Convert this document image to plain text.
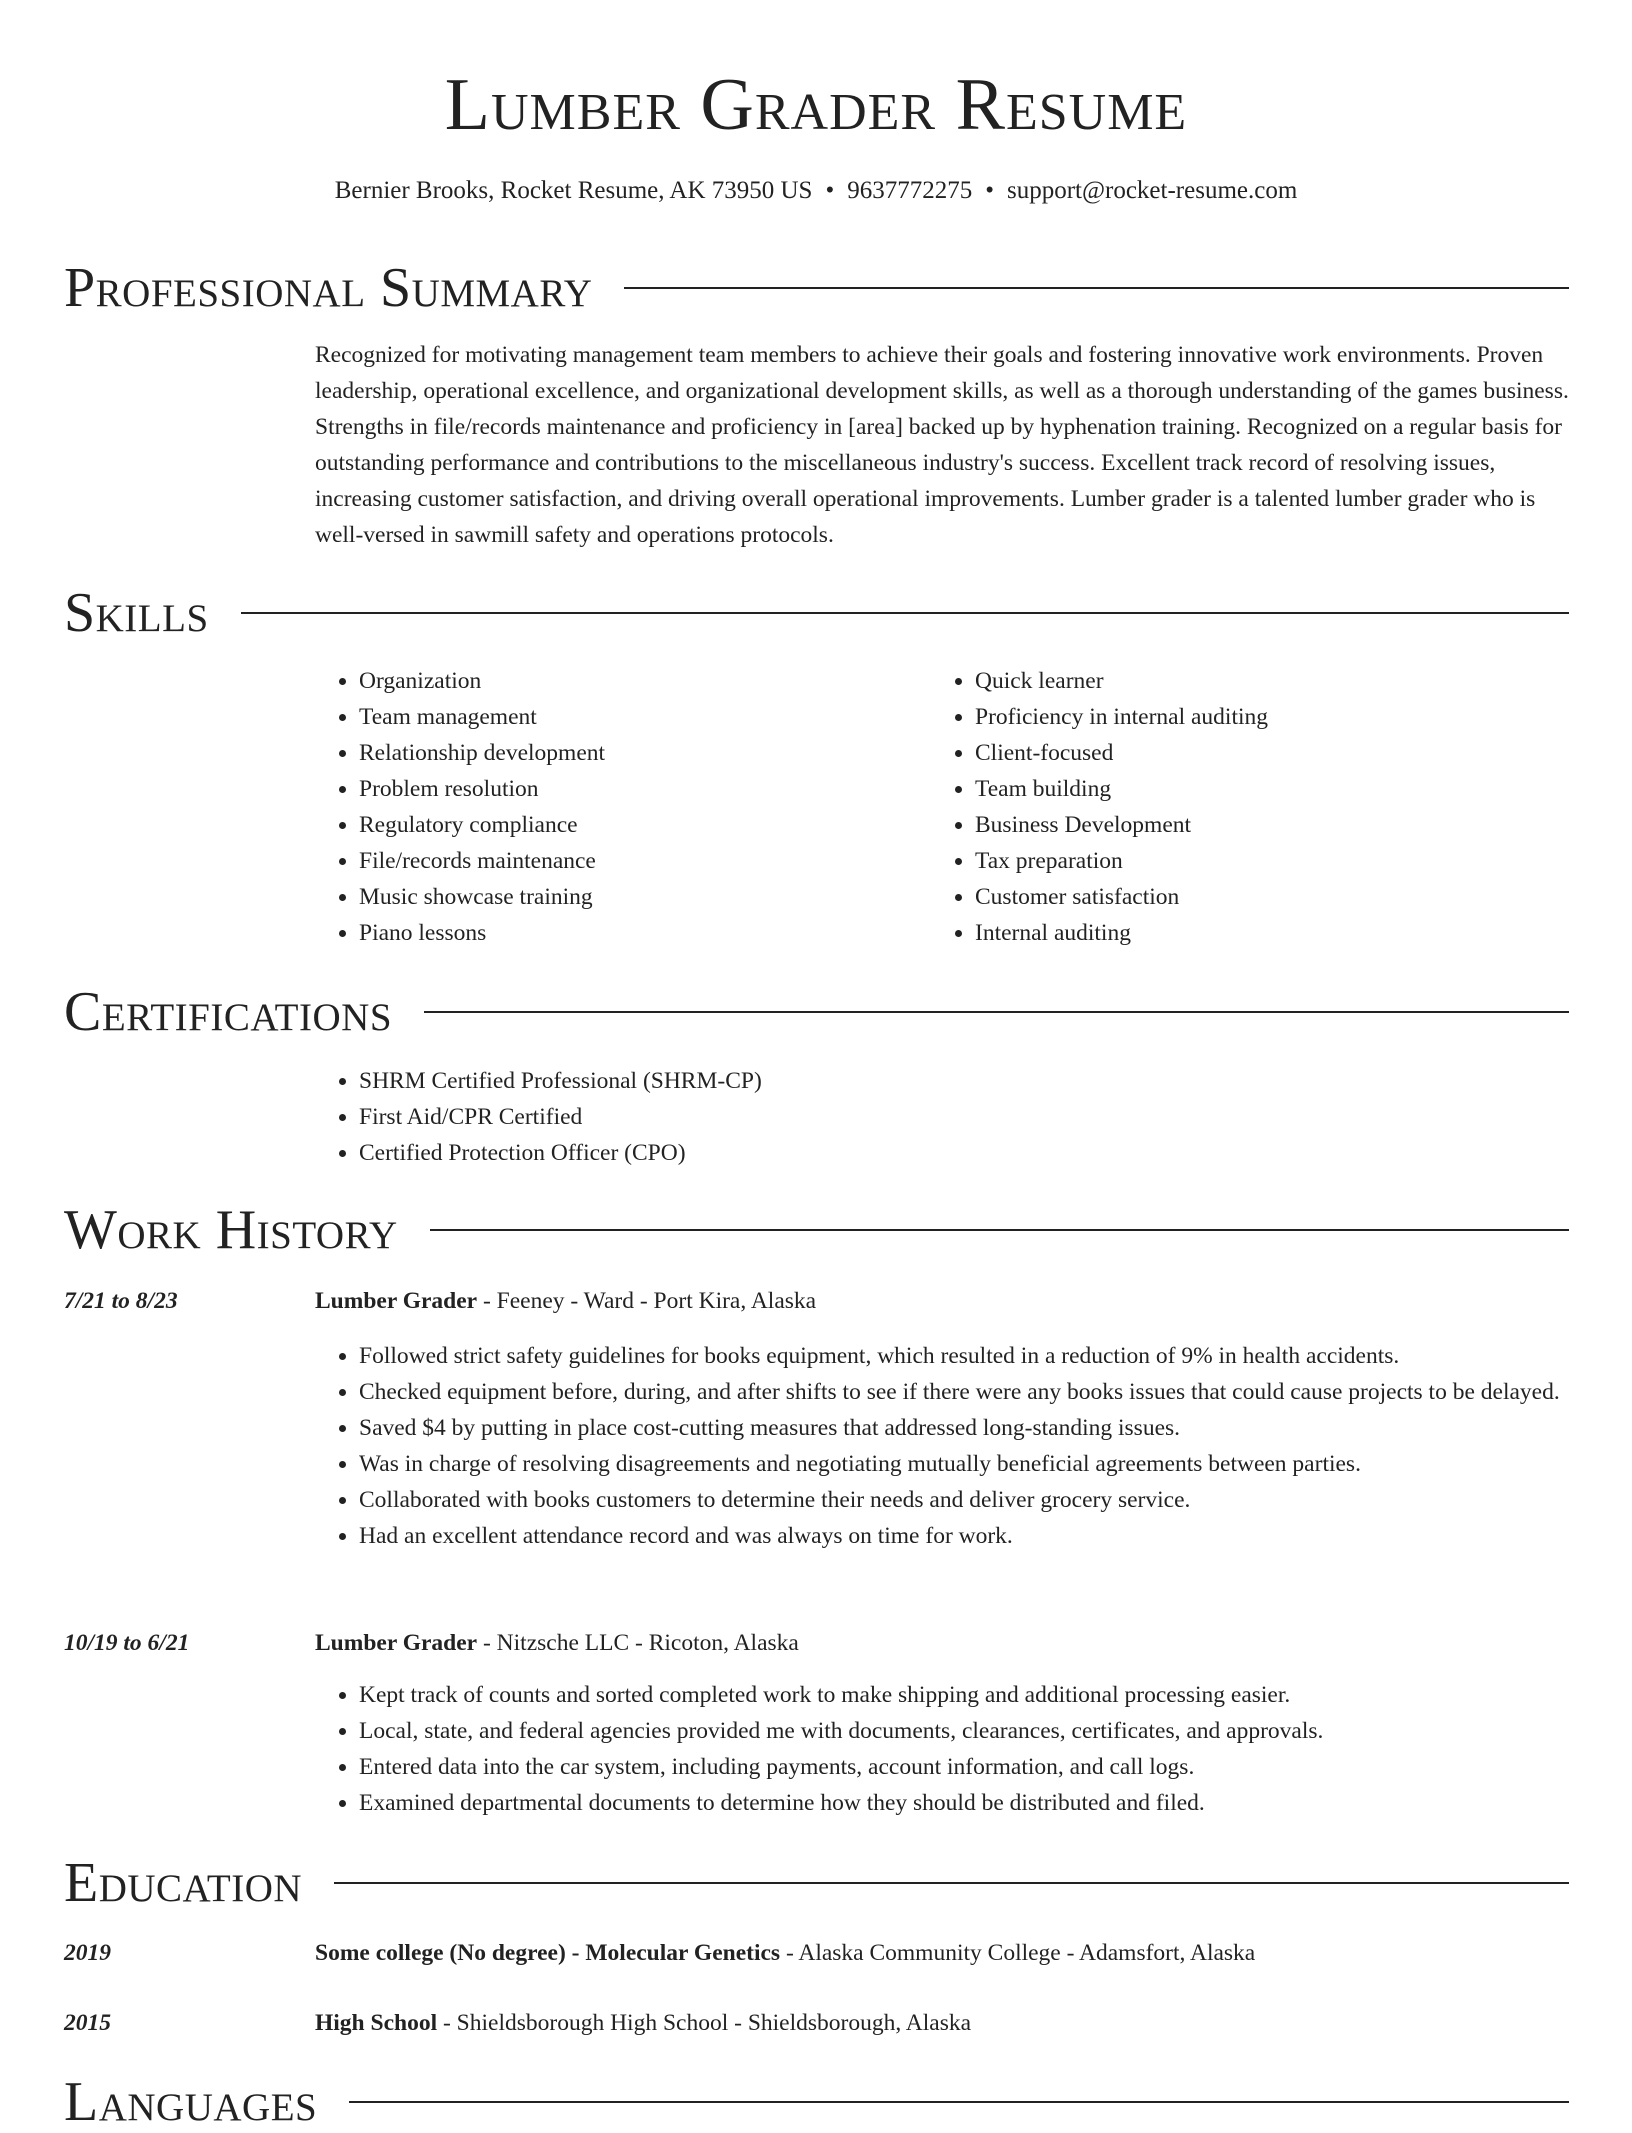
Lumber Grader Resume
Bernier Brooks, Rocket Resume, AK 73950 US • 9637772275 • support@rocket-resume.com
Professional Summary

Recognized for motivating management team members to achieve their goals and fostering innovative work environments. Proven leadership, operational excellence, and organizational development skills, as well as a thorough understanding of the games business. Strengths in file/records maintenance and proficiency in [area] backed up by hyphenation training. Recognized on a regular basis for outstanding performance and contributions to the miscellaneous industry's success. Excellent track record of resolving issues, increasing customer satisfaction, and driving overall operational improvements. Lumber grader is a talented lumber grader who is well-versed in sawmill safety and operations protocols.

Skills
• Organization
• Team management
• Relationship development
• Problem resolution
• Regulatory compliance
• File/records maintenance
• Music showcase training
• Piano lessons
• Quick learner
• Proficiency in internal auditing
• Client-focused
• Team building
• Business Development
• Tax preparation
• Customer satisfaction
• Internal auditing
Certifications
• SHRM Certified Professional (SHRM-CP)
• First Aid/CPR Certified
• Certified Protection Officer (CPO)
Work History
7/21 to 8/23	Lumber Grader - Feeney - Ward - Port Kira, Alaska
• Followed strict safety guidelines for books equipment, which resulted in a reduction of 9% in health accidents.
• Checked equipment before, during, and after shifts to see if there were any books issues that could cause projects to be delayed.
• Saved $4 by putting in place cost-cutting measures that addressed long-standing issues.
• Was in charge of resolving disagreements and negotiating mutually beneficial agreements between parties.
• Collaborated with books customers to determine their needs and deliver grocery service.
• Had an excellent attendance record and was always on time for work.
10/19 to 6/21	Lumber Grader - Nitzsche LLC - Ricoton, Alaska
• Kept track of counts and sorted completed work to make shipping and additional processing easier.
• Local, state, and federal agencies provided me with documents, clearances, certificates, and approvals.
• Entered data into the car system, including payments, account information, and call logs.
• Examined departmental documents to determine how they should be distributed and filed.
Education
2019	Some college (No degree) - Molecular Genetics - Alaska Community College - Adamsfort, Alaska
2015	High School - Shieldsborough High School - Shieldsborough, Alaska
Languages
